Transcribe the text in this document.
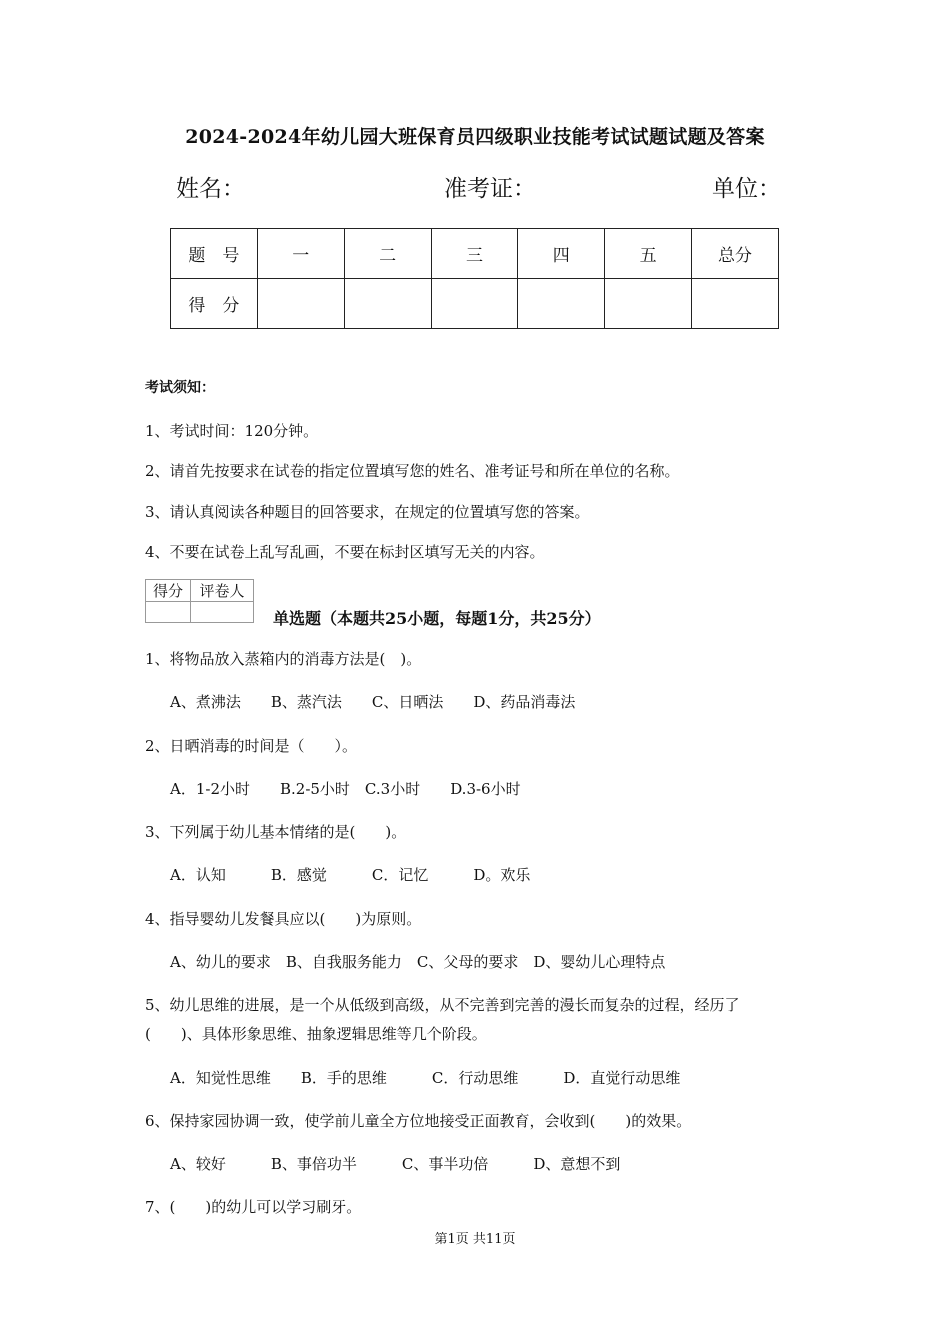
2024-2024年幼儿园大班保育员四级职业技能考试试题试题及答案
姓名：	准考证：	单位：
题　号	一	二	三	四	五	总分
得　分						
考试须知：
1、考试时间：120分钟。
2、请首先按要求在试卷的指定位置填写您的姓名、准考证号和所在单位的名称。
3、请认真阅读各种题目的回答要求，在规定的位置填写您的答案。
4、不要在试卷上乱写乱画，不要在标封区填写无关的内容。
得分	评卷人

单选题（本题共25小题，每题1分，共25分）
1、将物品放入蒸箱内的消毒方法是(　)。
A、煮沸法　　B、蒸汽法　　C、日晒法　　D、药品消毒法
2、日晒消毒的时间是（　　）。
A．1-2小时　　B.2-5小时　C.3小时　　D.3-6小时
3、下列属于幼儿基本情绪的是(　　)。
A．认知　　　B．感觉　　　C．记忆　　　D。欢乐
4、指导婴幼儿发餐具应以(　　)为原则。
A、幼儿的要求　B、自我服务能力　C、父母的要求　D、婴幼儿心理特点
5、幼儿思维的进展，是一个从低级到高级，从不完善到完善的漫长而复杂的过程，经历了
(　　)、具体形象思维、抽象逻辑思维等几个阶段。
A．知觉性思维　　B．手的思维　　　C．行动思维　　　D．直觉行动思维
6、保持家园协调一致，使学前儿童全方位地接受正面教育，会收到(　　)的效果。
A、较好　　　B、事倍功半　　　C、事半功倍　　　D、意想不到
7、(　　)的幼儿可以学习刷牙。
第1页 共11页
